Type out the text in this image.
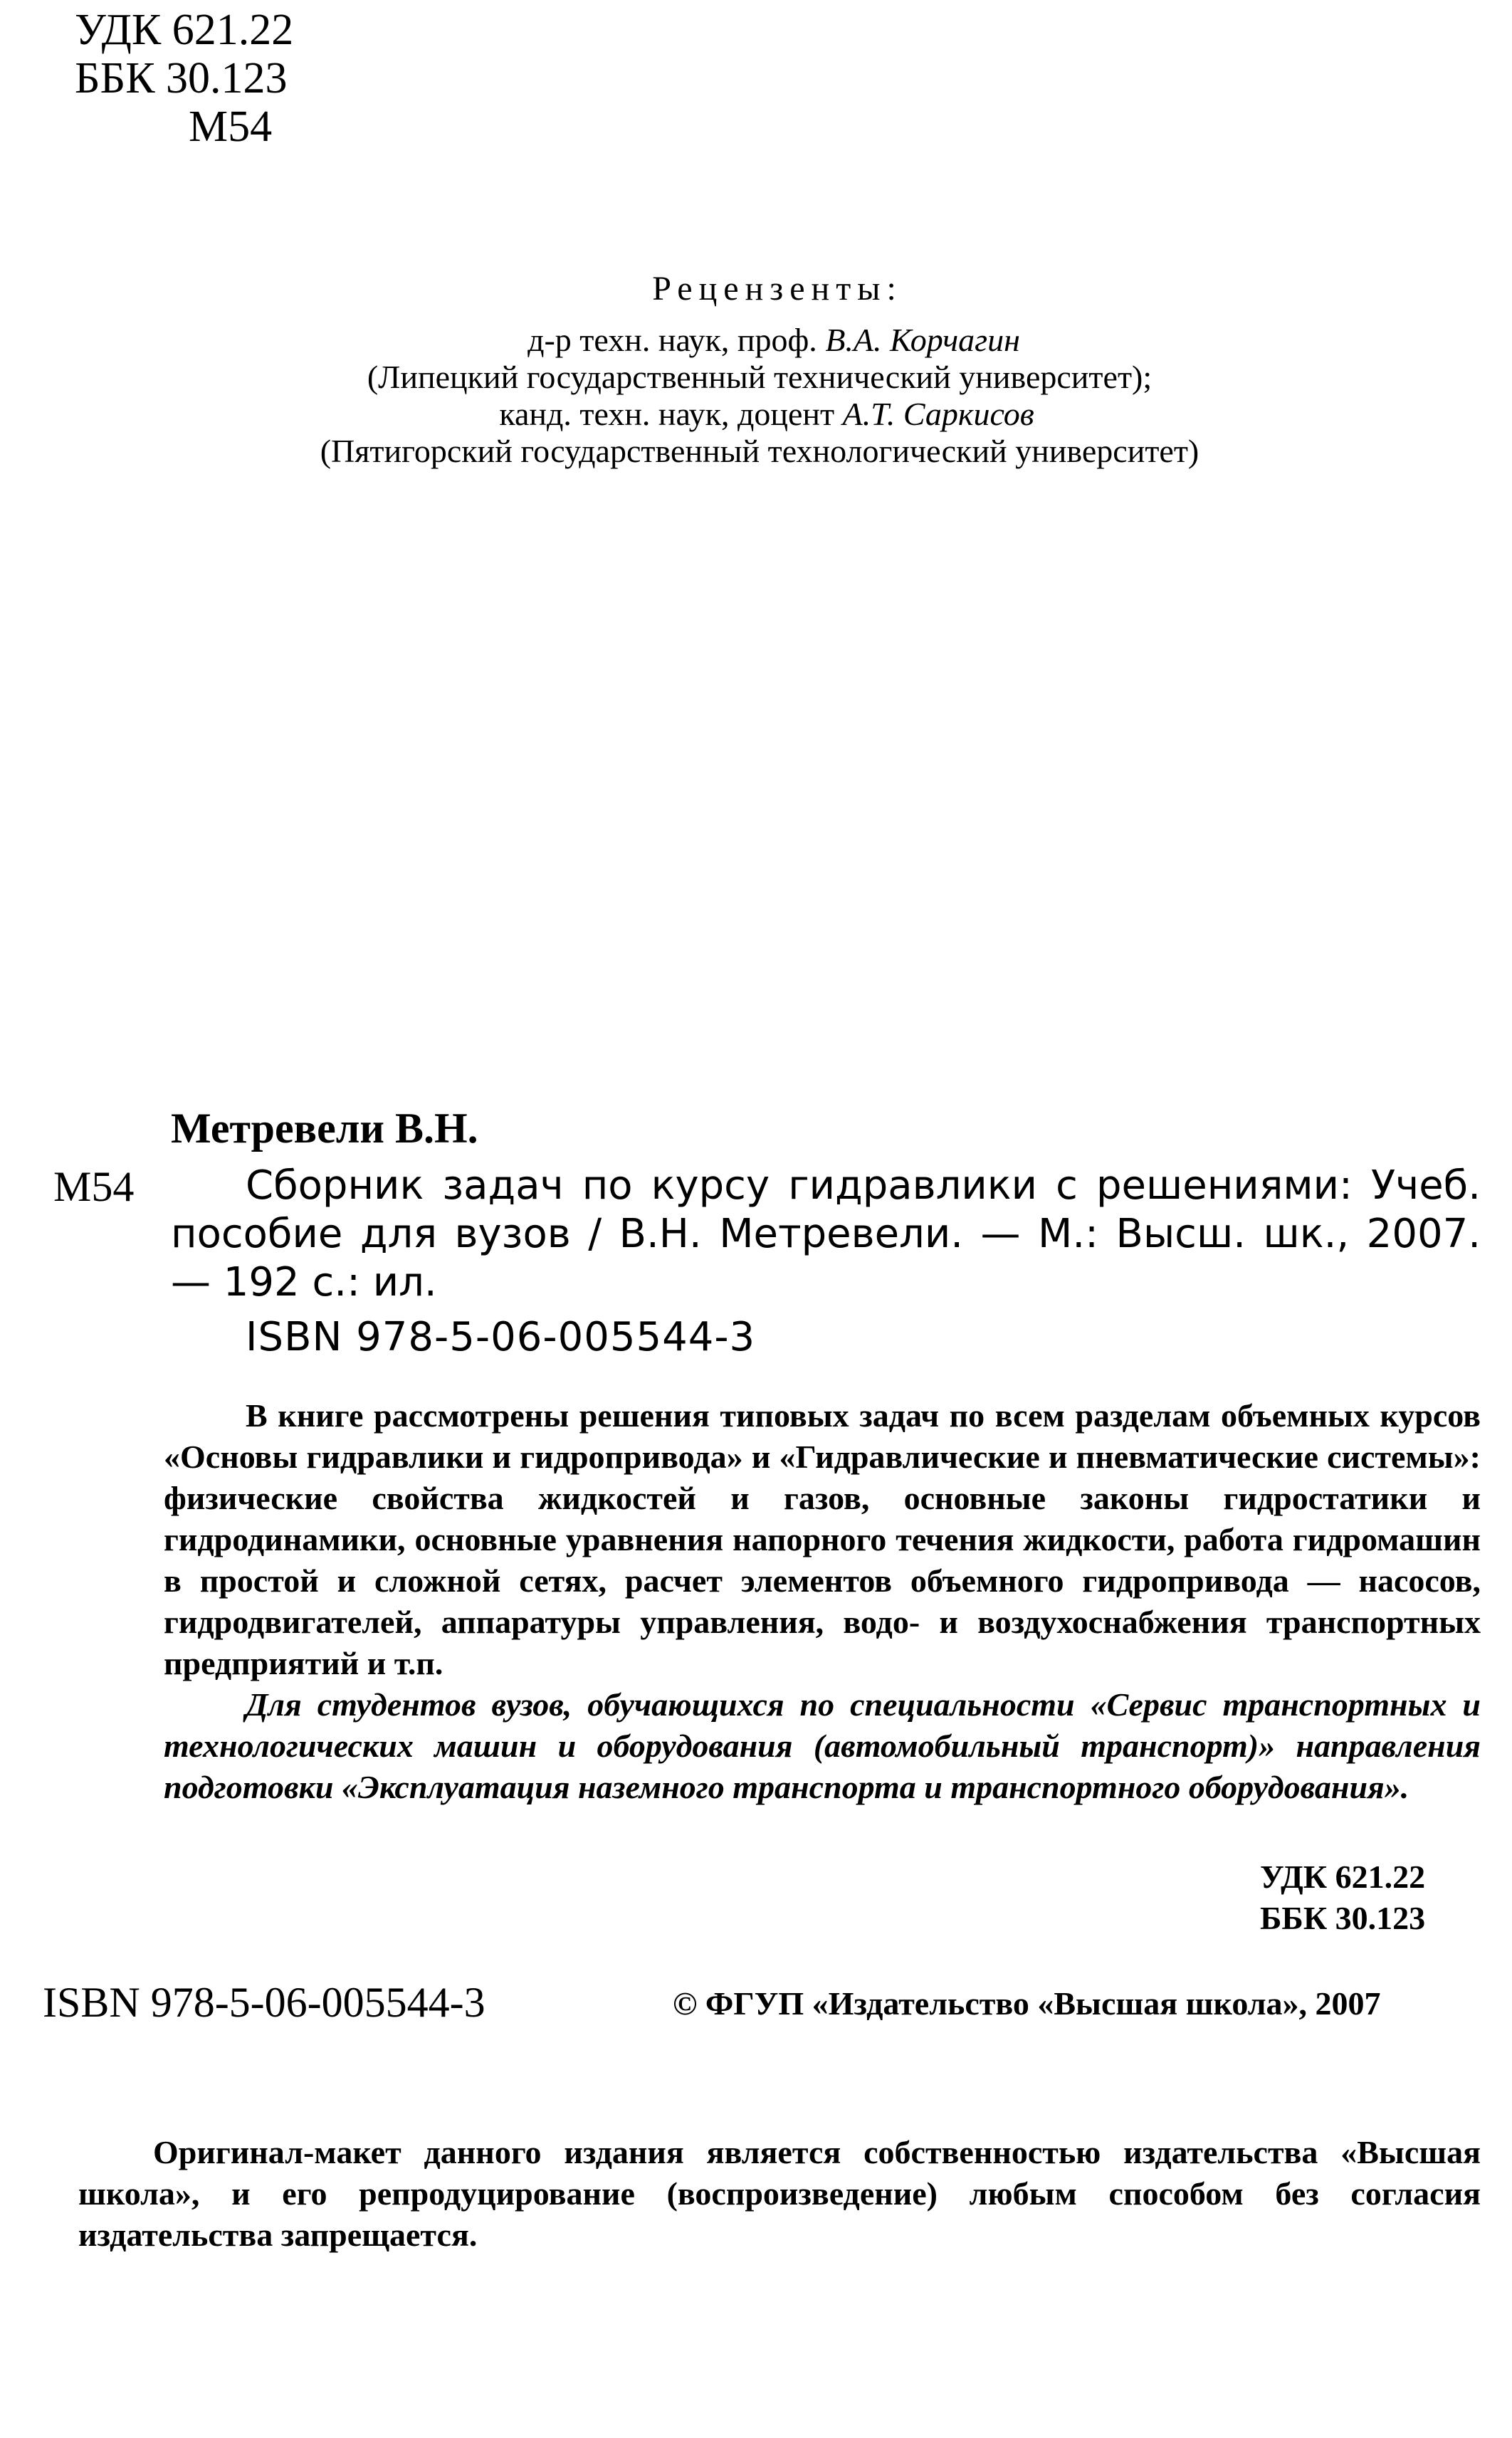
УДК 621.22
ББК 30.123
М54
Рецензенты:
д-р техн. наук, проф. В.А. Корчагин
(Липецкий государственный технический университет);
канд. техн. наук, доцент А.Т. Саркисов
(Пятигорский государственный технологический университет)
Метревели В.Н.
М54	Сборник задач по курсу гидравлики с решениями: Учеб. пособие для вузов / В.Н. Метревели. — М.: Высш. шк., 2007. — 192 с.: ил.
ISBN 978-5-06-005544-3

В книге рассмотрены решения типовых задач по всем разделам объемных курсов «Основы гидравлики и гидропривода» и «Гидравлические и пневматические системы»: физические свойства жидкостей и газов, основные законы гидростатики и гидродинамики, основные уравнения напорного течения жидкости, работа гидромашин в простой и сложной сетях, расчет элементов объемного гидропривода — насосов, гидродвигателей, аппаратуры управления, водо- и воздухоснабжения транспортных предприятий и т.п.

Для студентов вузов, обучающихся по специальности «Сервис транспортных и технологических машин и оборудования (автомобильный транспорт)» направления подготовки «Эксплуатация наземного транспорта и транспортного оборудования».

УДК 621.22
ББК 30.123
ISBN 978-5-06-005544-3	© ФГУП «Издательство «Высшая школа», 2007

Оригинал-макет данного издания является собственностью издательства «Высшая школа», и его репродуцирование (воспроизведение) любым способом без согласия издательства запрещается.
